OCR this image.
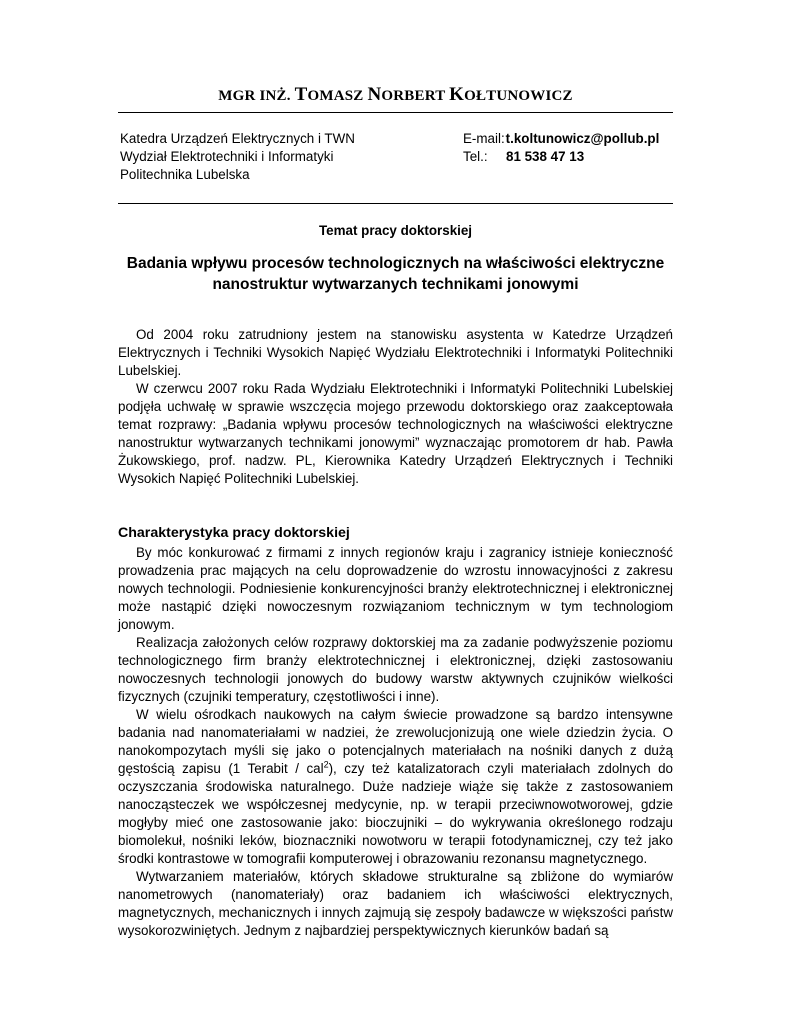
MGR INŻ. TOMASZ NORBERT KOŁTUNOWICZ
Katedra Urządzeń Elektrycznych i TWN
Wydział Elektrotechniki i Informatyki
Politechnika Lubelska
E-mail: t.koltunowicz@pollub.pl
Tel.:	81 538 47 13
Temat pracy doktorskiej
Badania wpływu procesów technologicznych na właściwości elektryczne
nanostruktur wytwarzanych technikami jonowymi

Od 2004 roku zatrudniony jestem na stanowisku asystenta w Katedrze Urządzeń Elektrycznych i Techniki Wysokich Napięć Wydziału Elektrotechniki i Informatyki Politechniki Lubelskiej.

W czerwcu 2007 roku Rada Wydziału Elektrotechniki i Informatyki Politechniki Lubelskiej podjęła uchwałę w sprawie wszczęcia mojego przewodu doktorskiego oraz zaakceptowała temat rozprawy: „Badania wpływu procesów technologicznych na właściwości elektryczne nanostruktur wytwarzanych technikami jonowymi” wyznaczając promotorem dr hab. Pawła Żukowskiego, prof. nadzw. PL, Kierownika Katedry Urządzeń Elektrycznych i Techniki Wysokich Napięć Politechniki Lubelskiej.

Charakterystyka pracy doktorskiej

By móc konkurować z firmami z innych regionów kraju i zagranicy istnieje konieczność prowadzenia prac mających na celu doprowadzenie do wzrostu innowacyjności z zakresu nowych technologii. Podniesienie konkurencyjności branży elektrotechnicznej i elektronicznej może nastąpić dzięki nowoczesnym rozwiązaniom technicznym w tym technologiom jonowym.

Realizacja założonych celów rozprawy doktorskiej ma za zadanie podwyższenie poziomu technologicznego firm branży elektrotechnicznej i elektronicznej, dzięki zastosowaniu nowoczesnych technologii jonowych do budowy warstw aktywnych czujników wielkości fizycznych (czujniki temperatury, częstotliwości i inne).

W wielu ośrodkach naukowych na całym świecie prowadzone są bardzo intensywne badania nad nanomateriałami w nadziei, że zrewolucjonizują one wiele dziedzin życia. O nanokompozytach myśli się jako o potencjalnych materiałach na nośniki danych z dużą gęstością zapisu (1 Terabit / cal$^2$), czy też katalizatorach czyli materiałach zdolnych do oczyszczania środowiska naturalnego. Duże nadzieje wiąże się także z zastosowaniem nanocząsteczek we współczesnej medycynie, np. w terapii przeciwnowotworowej, gdzie mogłyby mieć one zastosowanie jako: bioczujniki – do wykrywania określonego rodzaju biomolekuł, nośniki leków, bioznaczniki nowotworu w terapii fotodynamicznej, czy też jako środki kontrastowe w tomografii komputerowej i obrazowaniu rezonansu magnetycznego.

Wytwarzaniem materiałów, których składowe strukturalne są zbliżone do wymiarów nanometrowych (nanomateriały) oraz badaniem ich właściwości elektrycznych, magnetycznych, mechanicznych i innych zajmują się zespoły badawcze w większości państw wysokorozwiniętych. Jednym z najbardziej perspektywicznych kierunków badań są
